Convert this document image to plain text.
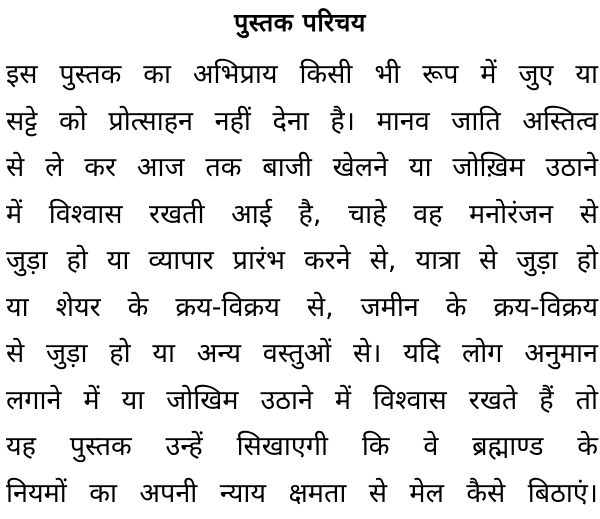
पुस्तक परिचय
इस पुस्तक का अभिप्राय किसी भी रूप में जुए या
सट्टे को प्रोत्साहन नहीं देना है। मानव जाति अस्तित्व
से ले कर आज तक बाजी खेलने या जोख़िम उठाने
में विश्वास रखती आई है, चाहे वह मनोरंजन से
जुड़ा हो या व्यापार प्रारंभ करने से, यात्रा से जुड़ा हो
या शेयर के क्रय-विक्रय से, जमीन के क्रय-विक्रय
से जुड़ा हो या अन्य वस्तुओं से। यदि लोग अनुमान
लगाने में या जोखिम उठाने में विश्वास रखते हैं तो
यह पुस्तक उन्हें सिखाएगी कि वे ब्रह्माण्ड के
नियमों का अपनी न्याय क्षमता से मेल कैसे बिठाएं।
